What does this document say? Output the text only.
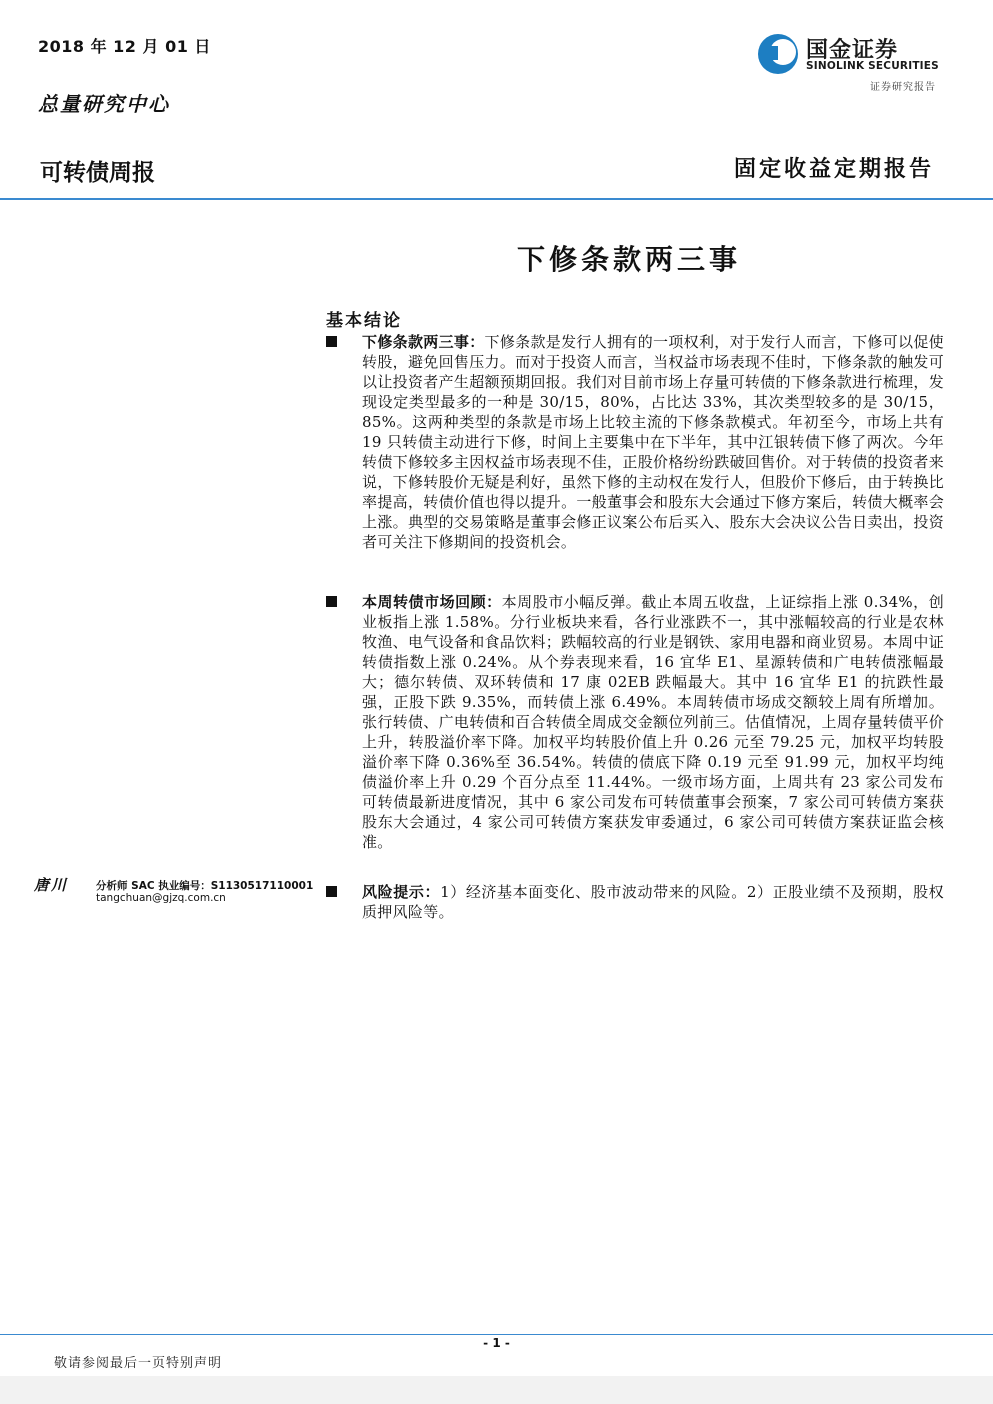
2018 年 12 月 01 日
总量研究中心
可转债周报	固定收益定期报告
国金证券
SINOLINK SECURITIES
证券研究报告
下修条款两三事
基本结论
下修条款两三事：下修条款是发行人拥有的一项权利，对于发行人而言，下修可以促使转股，避免回售压力。而对于投资人而言，当权益市场表现不佳时，下修条款的触发可以让投资者产生超额预期回报。我们对目前市场上存量可转债的下修条款进行梳理，发现设定类型最多的一种是 30/15，80%，占比达 33%，其次类型较多的是 30/15，85%。这两种类型的条款是市场上比较主流的下修条款模式。年初至今，市场上共有 19 只转债主动进行下修，时间上主要集中在下半年，其中江银转债下修了两次。今年转债下修较多主因权益市场表现不佳，正股价格纷纷跌破回售价。对于转债的投资者来说，下修转股价无疑是利好，虽然下修的主动权在发行人，但股价下修后，由于转换比率提高，转债价值也得以提升。一般董事会和股东大会通过下修方案后，转债大概率会上涨。典型的交易策略是董事会修正议案公布后买入、股东大会决议公告日卖出，投资者可关注下修期间的投资机会。
本周转债市场回顾：本周股市小幅反弹。截止本周五收盘，上证综指上涨 0.34%，创业板指上涨 1.58%。分行业板块来看，各行业涨跌不一，其中涨幅较高的行业是农林牧渔、电气设备和食品饮料；跌幅较高的行业是钢铁、家用电器和商业贸易。本周中证转债指数上涨 0.24%。从个券表现来看，16 宜华 E1、星源转债和广电转债涨幅最大；德尔转债、双环转债和 17 康 02EB 跌幅最大。其中 16 宜华 E1 的抗跌性最强，正股下跌 9.35%，而转债上涨 6.49%。本周转债市场成交额较上周有所增加。张行转债、广电转债和百合转债全周成交金额位列前三。估值情况，上周存量转债平价上升，转股溢价率下降。加权平均转股价值上升 0.26 元至 79.25 元，加权平均转股溢价率下降 0.36%至 36.54%。转债的债底下降 0.19 元至 91.99 元，加权平均纯债溢价率上升 0.29 个百分点至 11.44%。一级市场方面，上周共有 23 家公司发布可转债最新进度情况，其中 6 家公司发布可转债董事会预案，7 家公司可转债方案获股东大会通过，4 家公司可转债方案获发审委通过，6 家公司可转债方案获证监会核准。
风险提示：1）经济基本面变化、股市波动带来的风险。2）正股业绩不及预期，股权质押风险等。
唐川	分析师 SAC 执业编号：S1130517110001
tangchuan@gjzq.com.cn
- 1 -
敬请参阅最后一页特别声明
